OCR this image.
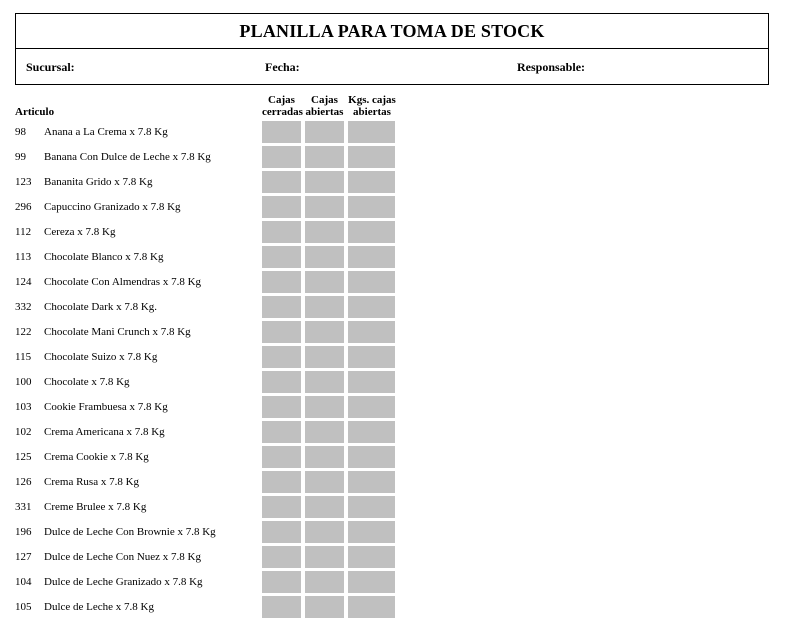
PLANILLA PARA TOMA DE STOCK
Sucursal:	Fecha:	Responsable:
Cajas
cerradas
Cajas
abiertas
Kgs. cajas
abiertas
Articulo
98 Anana a La Crema x 7.8 Kg
99 Banana Con Dulce de Leche x 7.8 Kg
123 Bananita Grido x 7.8 Kg
296 Capuccino Granizado x 7.8 Kg
112 Cereza x 7.8 Kg
113 Chocolate Blanco x 7.8 Kg
124 Chocolate Con Almendras x 7.8 Kg
332 Chocolate Dark x 7.8 Kg.
122 Chocolate Mani Crunch x 7.8 Kg
115 Chocolate Suizo x 7.8 Kg
100 Chocolate x 7.8 Kg
103 Cookie Frambuesa x 7.8 Kg
102 Crema Americana x 7.8 Kg
125 Crema Cookie x 7.8 Kg
126 Crema Rusa x 7.8 Kg
331 Creme Brulee x 7.8 Kg
196 Dulce de Leche Con Brownie x 7.8 Kg
127 Dulce de Leche Con Nuez x 7.8 Kg
104 Dulce de Leche Granizado x 7.8 Kg
105 Dulce de Leche x 7.8 Kg
